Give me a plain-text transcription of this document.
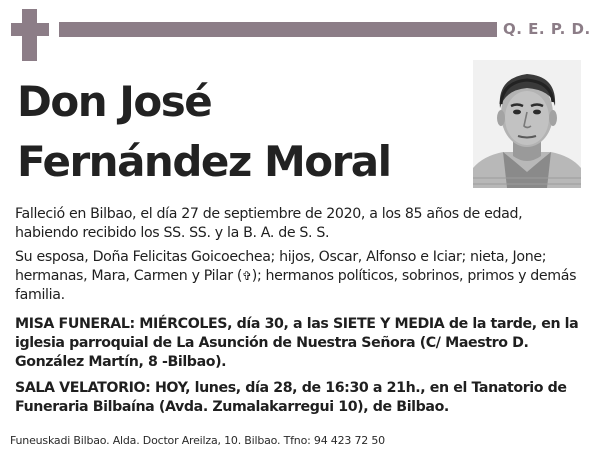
Q. E. P. D.
Don José
Fernández Moral
Falleció en Bilbao, el día 27 de septiembre de 2020, a los 85 años de edad, habiendo recibido los SS. SS. y la B. A. de S. S.
Su esposa, Doña Felicitas Goicoechea; hijos, Oscar, Alfonso e Iciar; nieta, Jone; hermanas, Mara, Carmen y Pilar (✞); hermanos políticos, sobrinos, primos y demás familia.
MISA FUNERAL: MIÉRCOLES, día 30, a las SIETE Y MEDIA de la tarde, en la iglesia parroquial de La Asunción de Nuestra Señora (C/ Maestro D. González Martín, 8 -Bilbao).
SALA VELATORIO: HOY, lunes, día 28, de 16:30 a 21h., en el Tanatorio de Funeraria Bilbaína (Avda. Zumalakarregui 10), de Bilbao.
Funeuskadi Bilbao. Alda. Doctor Areilza, 10. Bilbao. Tfno: 94 423 72 50
